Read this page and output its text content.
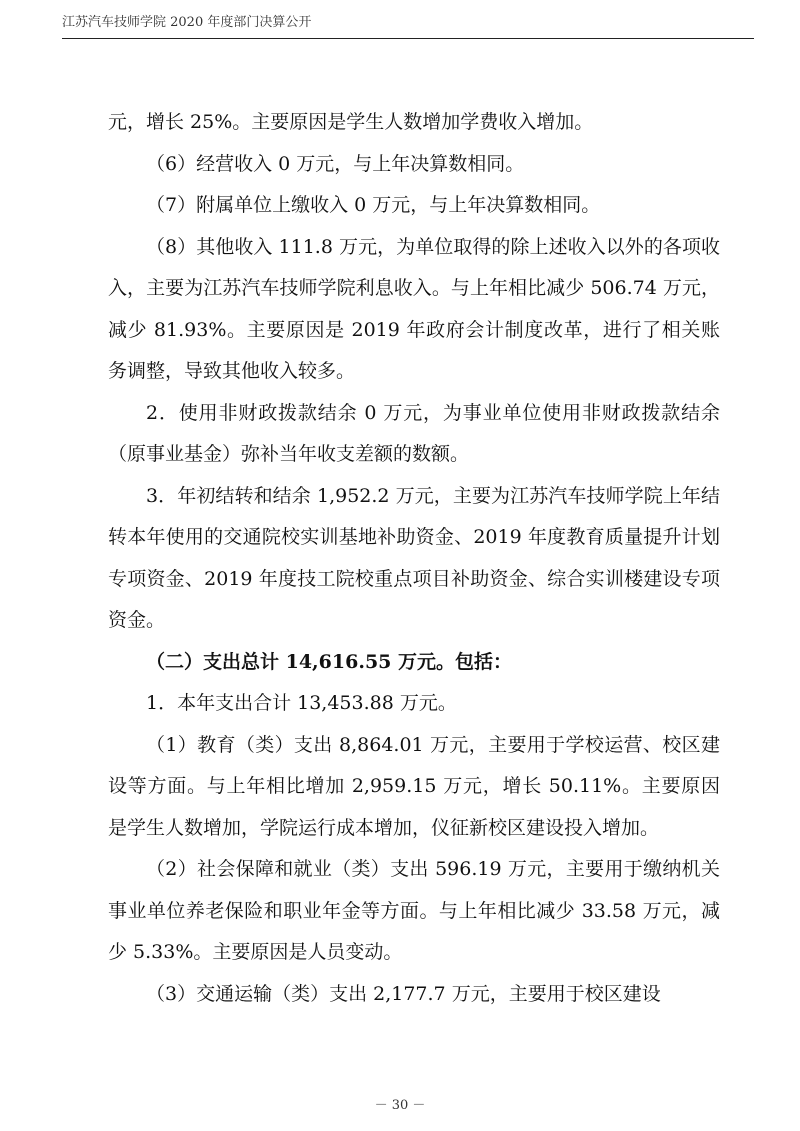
江苏汽车技师学院 2020 年度部门决算公开

元，增长 25%。主要原因是学生人数增加学费收入增加。

（6）经营收入 0 万元，与上年决算数相同。

（7）附属单位上缴收入 0 万元，与上年决算数相同。

（8）其他收入 111.8 万元，为单位取得的除上述收入以外的各项收入，主要为江苏汽车技师学院利息收入。与上年相比减少 506.74 万元，减少 81.93%。主要原因是 2019 年政府会计制度改革，进行了相关账务调整，导致其他收入较多。

2．使用非财政拨款结余 0 万元，为事业单位使用非财政拨款结余（原事业基金）弥补当年收支差额的数额。

3．年初结转和结余 1,952.2 万元，主要为江苏汽车技师学院上年结转本年使用的交通院校实训基地补助资金、2019 年度教育质量提升计划专项资金、2019 年度技工院校重点项目补助资金、综合实训楼建设专项资金。

（二）支出总计 14,616.55 万元。包括：

1．本年支出合计 13,453.88 万元。

（1）教育（类）支出 8,864.01 万元，主要用于学校运营、校区建设等方面。与上年相比增加 2,959.15 万元，增长 50.11%。主要原因是学生人数增加，学院运行成本增加，仪征新校区建设投入增加。

（2）社会保障和就业（类）支出 596.19 万元，主要用于缴纳机关事业单位养老保险和职业年金等方面。与上年相比减少 33.58 万元，减少 5.33%。主要原因是人员变动。

（3）交通运输（类）支出 2,177.7 万元，主要用于校区建设

－ 30 －
